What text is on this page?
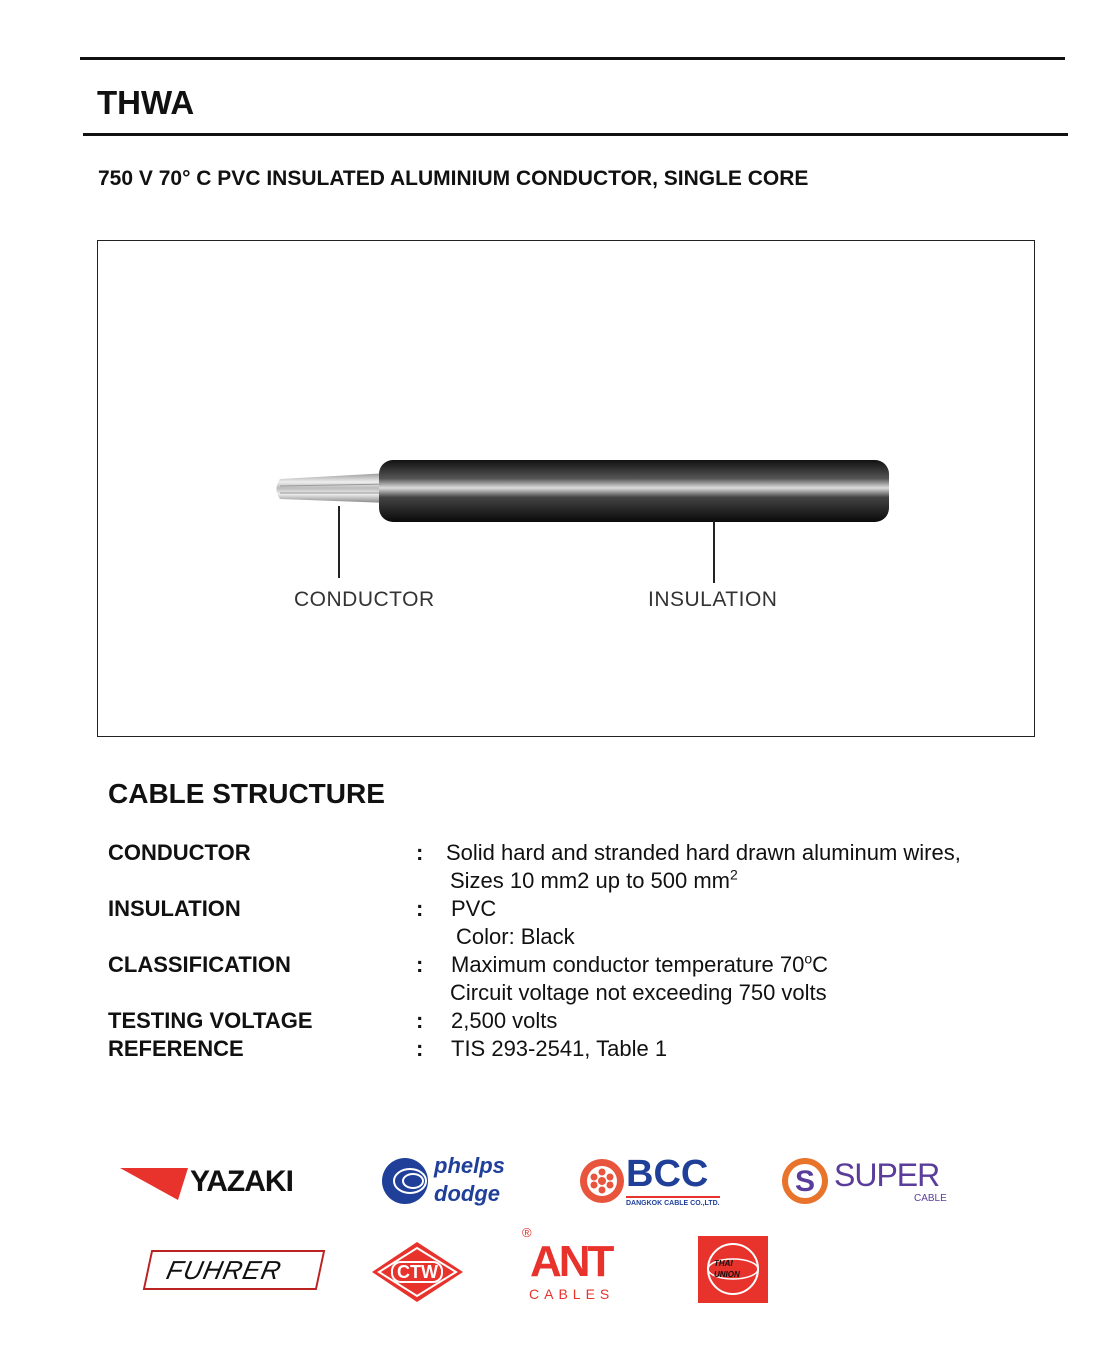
THWA
750 V 70° C PVC INSULATED ALUMINIUM CONDUCTOR, SINGLE CORE
CONDUCTOR	INSULATION
CABLE STRUCTURE
CONDUCTOR	: Solid hard and stranded hard drawn aluminum wires,
Sizes 10 mm2 up to 500 $mm^2$
INSULATION	: PVC
Color: Black
CLASSIFICATION	: Maximum conductor temperature 70$^o$C
Circuit voltage not exceeding 750 volts
TESTING VOLTAGE	: 2,500 volts
REFERENCE	: TIS 293-2541, Table 1
YAZAKI	phelps
dodge	BCC
DANGKOK CABLE CO.,LTD.
S SUPER
CABLE
FUHRER	CTW
®
ANT
CABLES
THAI
UNION
